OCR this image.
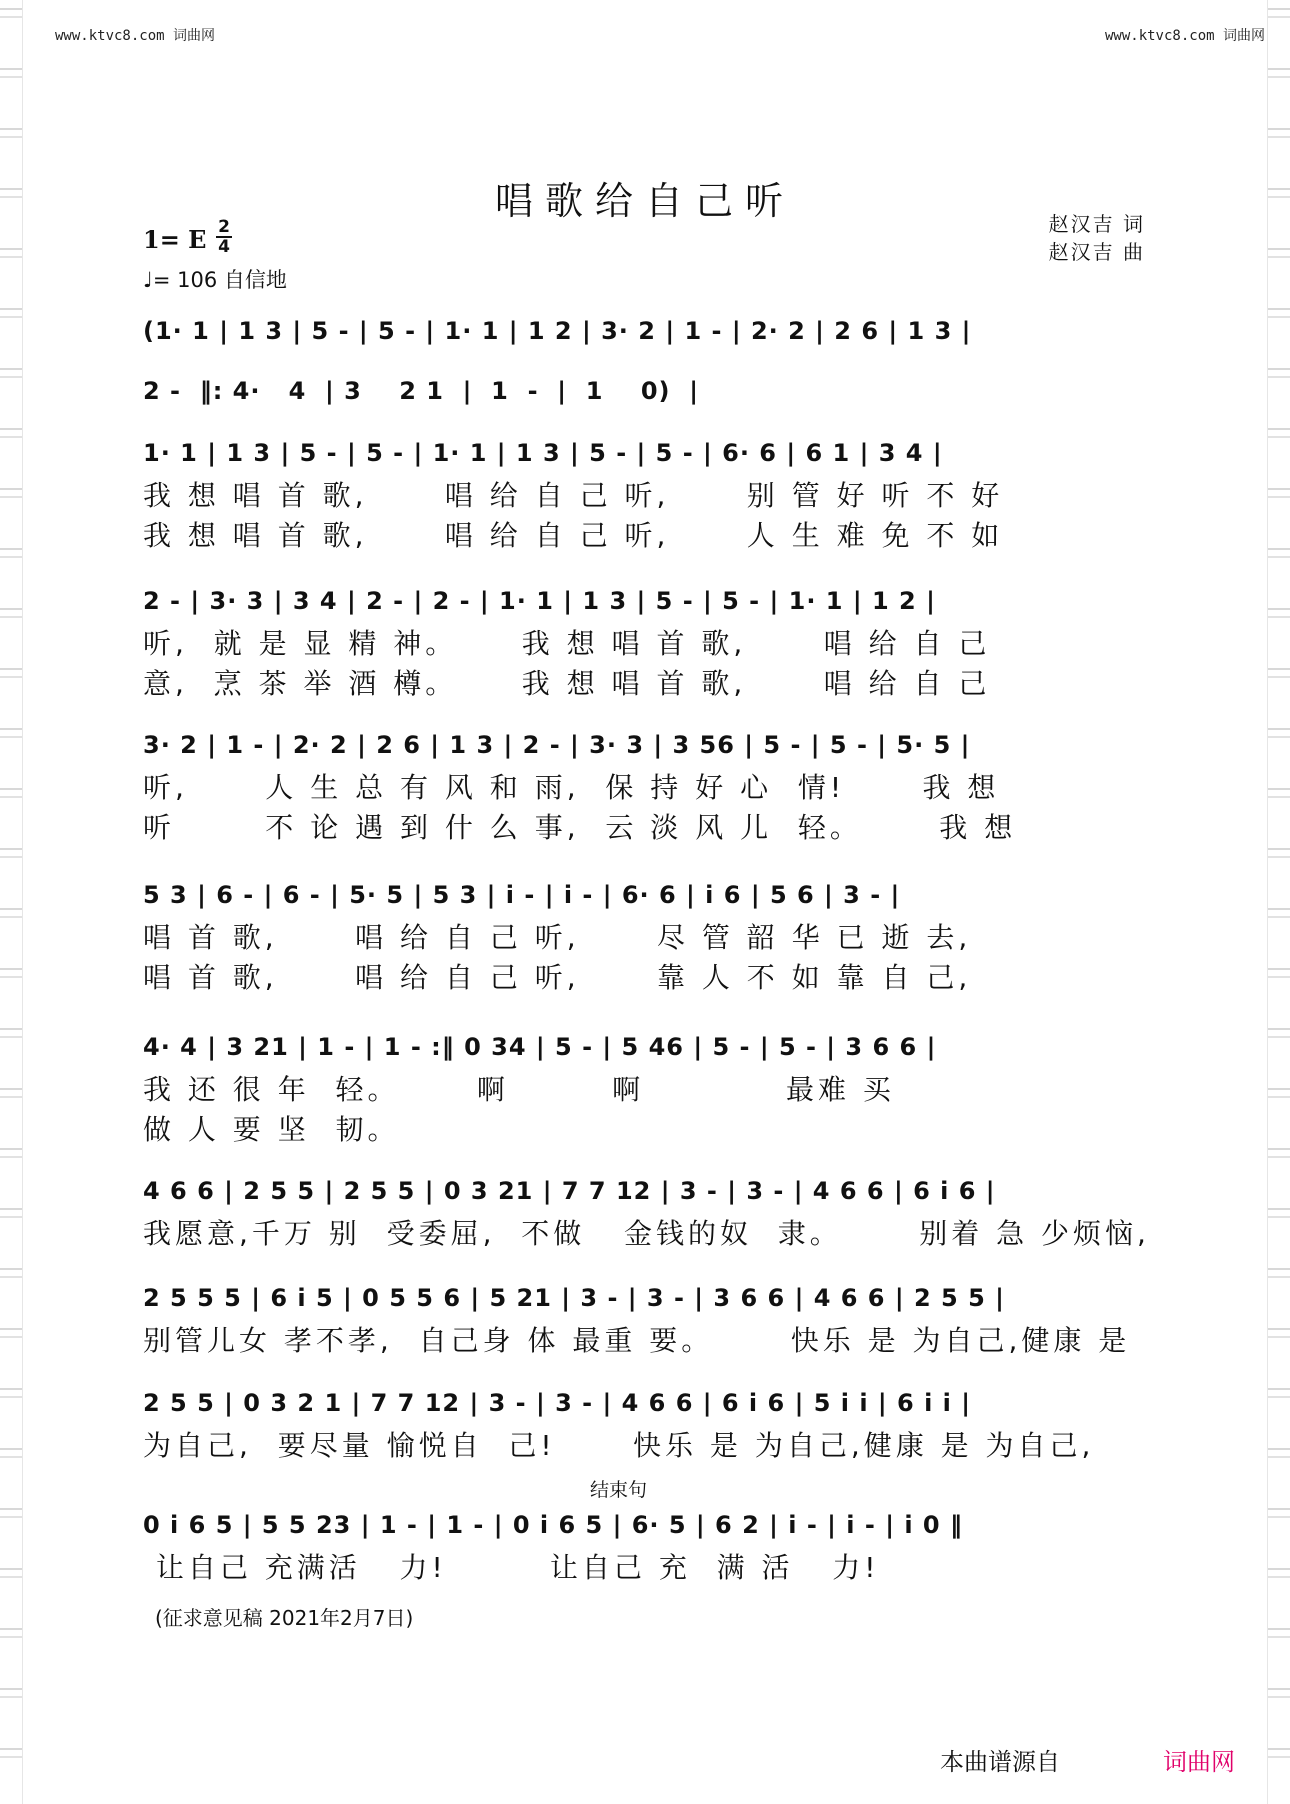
www.ktvc8.com 词曲网	www.ktvc8.com 词曲网
唱歌给自己听
1= E 2
4
♩= 106 自信地
赵汉吉 词
赵汉吉 曲
(1· 1 | 1 3 | 5 - | 5 - | 1· 1 | 1 2 | 3· 2 | 1 - | 2· 2 | 2 6 | 1 3 |
2 -  ‖: 4·   4  | 3    2 1  |  1  -  |  1    0)  |
1· 1 | 1 3 | 5 - | 5 - | 1· 1 | 1 3 | 5 - | 5 - | 6· 6 | 6 1 | 3 4 |
我 想 唱 首 歌,      唱 给 自 己 听,      别 管 好 听 不 好
我 想 唱 首 歌,      唱 给 自 己 听,      人 生 难 免 不 如
2 - | 3· 3 | 3 4 | 2 - | 2 - | 1· 1 | 1 3 | 5 - | 5 - | 1· 1 | 1 2 |
听,  就 是 显 精 神。     我 想 唱 首 歌,      唱 给 自 己
意,  烹 茶 举 酒 樽。     我 想 唱 首 歌,      唱 给 自 己
3· 2 | 1 - | 2· 2 | 2 6 | 1 3 | 2 - | 3· 3 | 3 56 | 5 - | 5 - | 5· 5 |
听,      人 生 总 有 风 和 雨,  保 持 好 心  情!      我 想
听       不 论 遇 到 什 么 事,  云 淡 风 儿  轻。      我 想
5 3 | 6 - | 6 - | 5· 5 | 5 3 | i - | i - | 6· 6 | i 6 | 5 6 | 3 - |
唱 首 歌,      唱 给 自 己 听,      尽 管 韶 华 已 逝 去,
唱 首 歌,      唱 给 自 己 听,      靠 人 不 如 靠 自 己,
4· 4 | 3 21 | 1 - | 1 - :‖ 0 34 | 5 - | 5 46 | 5 - | 5 - | 3 6 6 |
我 还 很 年  轻。      啊        啊           最难 买
做 人 要 坚  韧。
4 6 6 | 2 5 5 | 2 5 5 | 0 3 21 | 7 7 12 | 3 - | 3 - | 4 6 6 | 6 i 6 |
我愿意,千万 别  受委屈,  不做   金钱的奴  隶。      别着 急 少烦恼,
2 5 5 5 | 6 i 5 | 0 5 5 6 | 5 21 | 3 - | 3 - | 3 6 6 | 4 6 6 | 2 5 5 |
别管儿女 孝不孝,  自己身 体 最重 要。      快乐 是 为自己,健康 是
2 5 5 | 0 3 2 1 | 7 7 12 | 3 - | 3 - | 4 6 6 | 6 i 6 | 5 i i | 6 i i |
为自己,  要尽量 愉悦自  己!      快乐 是 为自己,健康 是 为自己,
结束句
0 i 6 5 | 5 5 23 | 1 - | 1 - | 0 i 6 5 | 6· 5 | 6 2 | i - | i - | i 0 ‖
让自己 充满活   力!        让自己 充  满 活   力!
(征求意见稿 2021年2月7日)
本曲谱源自	词曲网
